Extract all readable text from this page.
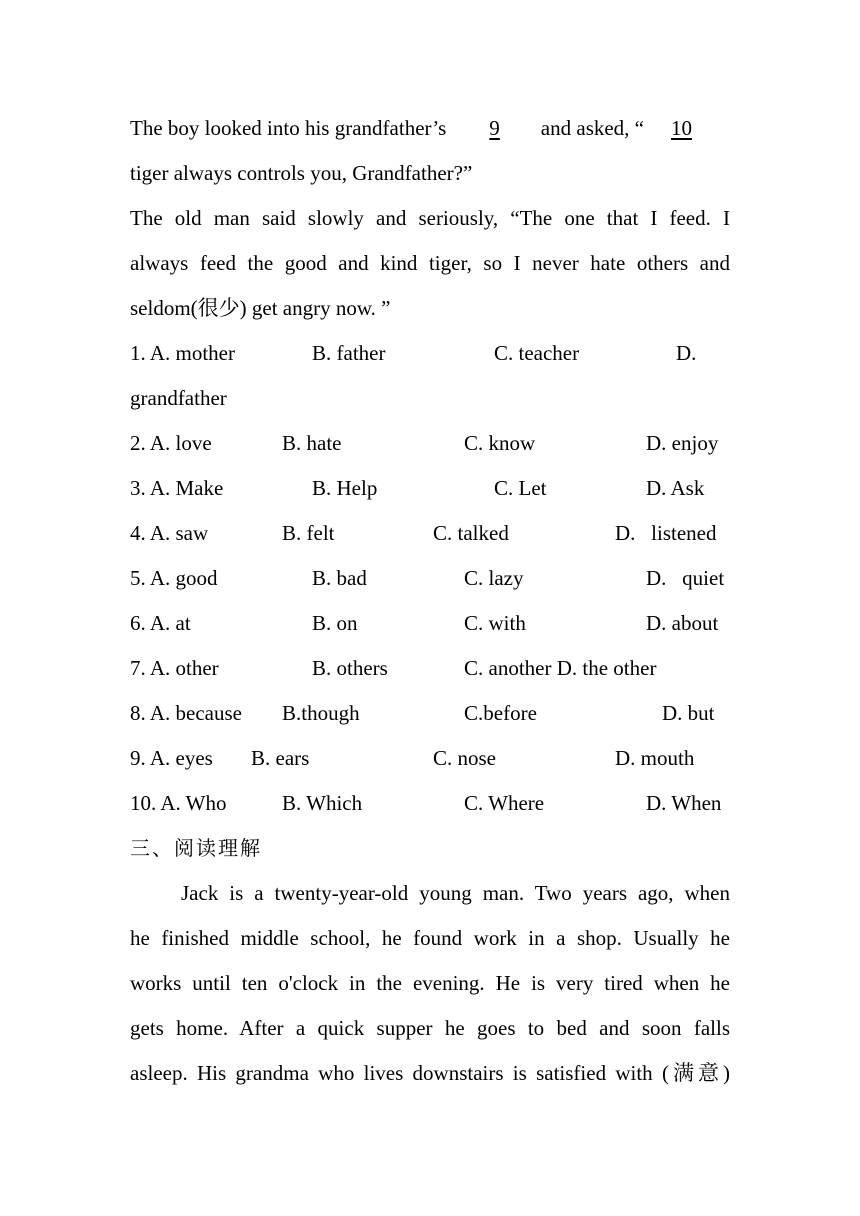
The boy looked into his grandfather’s 9 and asked, “ 10
tiger always controls you, Grandfather?”
The old man said slowly and seriously, “The one that I feed. I
always feed the good and kind tiger, so I never hate others and
seldom(很少) get angry now. ”
1. A. mother	B. father	C. teacher	D.
grandfather
2. A. love	B. hate	C. know	D. enjoy
3. A. Make	B. Help	C. Let	D. Ask
4. A. saw	B. felt	C. talked	D.   listened
5. A. good	B. bad	C. lazy	D.   quiet
6. A. at	B. on	C. with	D. about
7. A. other	B. others	C. another D. the other
8. A. because B.though	C.before	D. but
9. A. eyes B. ears	C. nose	D. mouth
10. A. Who	B. Which	C. Where	D. When
三、阅读理解
Jack is a twenty-year-old young man. Two years ago, when
he finished middle school, he found work in a shop. Usually he
works until ten o'clock in the evening. He is very tired when he
gets home. After a quick supper he goes to bed and soon falls
asleep. His grandma who lives downstairs is satisfied with (满意)
